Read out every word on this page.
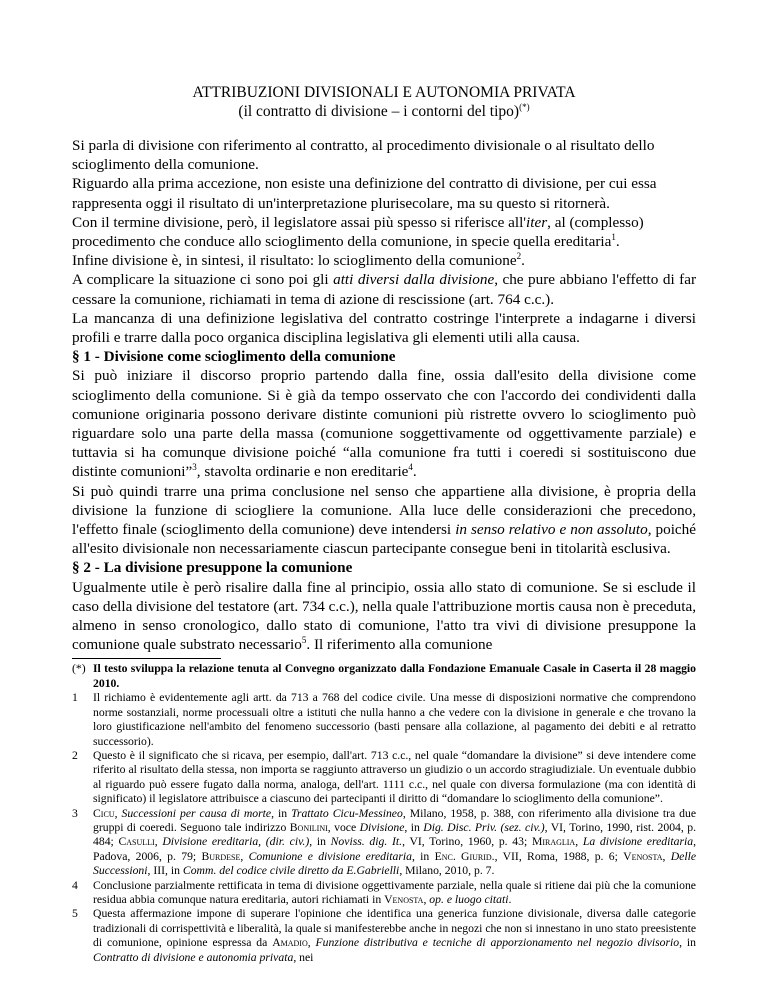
ATTRIBUZIONI DIVISIONALI E AUTONOMIA PRIVATA
(il contratto di divisione – i contorni del tipo)(*)
Si parla di divisione con riferimento al contratto, al procedimento divisionale o al risultato dello scioglimento della comunione.
Riguardo alla prima accezione, non esiste una definizione del contratto di divisione, per cui essa rappresenta oggi il risultato di un'interpretazione plurisecolare, ma su questo si ritornerà.
Con il termine divisione, però, il legislatore assai più spesso si riferisce all'iter, al (complesso) procedimento che conduce allo scioglimento della comunione, in specie quella ereditaria$^1$.
Infine divisione è, in sintesi, il risultato: lo scioglimento della comunione$^2$.
A complicare la situazione ci sono poi gli atti diversi dalla divisione, che pure abbiano l'effetto di far cessare la comunione, richiamati in tema di azione di rescissione (art. 764 c.c.).
La mancanza di una definizione legislativa del contratto costringe l'interprete a indagarne i diversi profili e trarre dalla poco organica disciplina legislativa gli elementi utili alla causa.
§ 1 - Divisione come scioglimento della comunione
Si può iniziare il discorso proprio partendo dalla fine, ossia dall'esito della divisione come scioglimento della comunione. Si è già da tempo osservato che con l'accordo dei condividenti dalla comunione originaria possono derivare distinte comunioni più ristrette ovvero lo scioglimento può riguardare solo una parte della massa (comunione soggettivamente od oggettivamente parziale) e tuttavia si ha comunque divisione poiché “alla comunione fra tutti i coeredi si sostituiscono due distinte comunioni”$^3$, stavolta ordinarie e non ereditarie$^4$.
Si può quindi trarre una prima conclusione nel senso che appartiene alla divisione, è propria della divisione la funzione di sciogliere la comunione. Alla luce delle considerazioni che precedono, l'effetto finale (scioglimento della comunione) deve intendersi in senso relativo e non assoluto, poiché all'esito divisionale non necessariamente ciascun partecipante consegue beni in titolarità esclusiva.
§ 2 - La divisione presuppone la comunione
Ugualmente utile è però risalire dalla fine al principio, ossia allo stato di comunione. Se si esclude il caso della divisione del testatore (art. 734 c.c.), nella quale l'attribuzione mortis causa non è preceduta, almeno in senso cronologico, dallo stato di comunione, l'atto tra vivi di divisione presuppone la comunione quale substrato necessario$^5$. Il riferimento alla comunione
(*) Il testo sviluppa la relazione tenuta al Convegno organizzato dalla Fondazione Emanuale Casale in Caserta il 28 maggio 2010.
1	Il richiamo è evidentemente agli artt. da 713 a 768 del codice civile. Una messe di disposizioni normative che comprendono norme sostanziali, norme processuali oltre a istituti che nulla hanno a che vedere con la divisione in generale e che trovano la loro giustificazione nell'ambito del fenomeno successorio (basti pensare alla collazione, al pagamento dei debiti e al retratto successorio).
2	Questo è il significato che si ricava, per esempio, dall'art. 713 c.c., nel quale “domandare la divisione” si deve intendere come riferito al risultato della stessa, non importa se raggiunto attraverso un giudizio o un accordo stragiudiziale. Un eventuale dubbio al riguardo può essere fugato dalla norma, analoga, dell'art. 1111 c.c., nel quale con diversa formulazione (ma con identità di significato) il legislatore attribuisce a ciascuno dei partecipanti il diritto di “domandare lo scioglimento della comunione”.
3	Cicu, Successioni per causa di morte, in Trattato Cicu-Messineo, Milano, 1958, p. 388, con riferimento alla divisione tra due gruppi di coeredi. Seguono tale indirizzo Bonilini, voce Divisione, in Dig. Disc. Priv. (sez. civ.), VI, Torino, 1990, rist. 2004, p. 484; Casulli, Divisione ereditaria, (dir. civ.), in Noviss. dig. It., VI, Torino, 1960, p. 43; Miraglia, La divisione ereditaria, Padova, 2006, p. 79; Burdese, Comunione e divisione ereditaria, in Enc. Giurid., VII, Roma, 1988, p. 6; Venosta, Delle Successioni, III, in Comm. del codice civile diretto da E.Gabrielli, Milano, 2010, p. 7.
4	Conclusione parzialmente rettificata in tema di divisione oggettivamente parziale, nella quale si ritiene dai più che la comunione residua abbia comunque natura ereditaria, autori richiamati in Venosta, op. e luogo citati.
5	Questa affermazione impone di superare l'opinione che identifica una generica funzione divisionale, diversa dalle categorie tradizionali di corrispettività e liberalità, la quale si manifesterebbe anche in negozi che non si innestano in uno stato preesistente di comunione, opinione espressa da Amadio, Funzione distributiva e tecniche di apporzionamento nel negozio divisorio, in Contratto di divisione e autonomia privata, nei
